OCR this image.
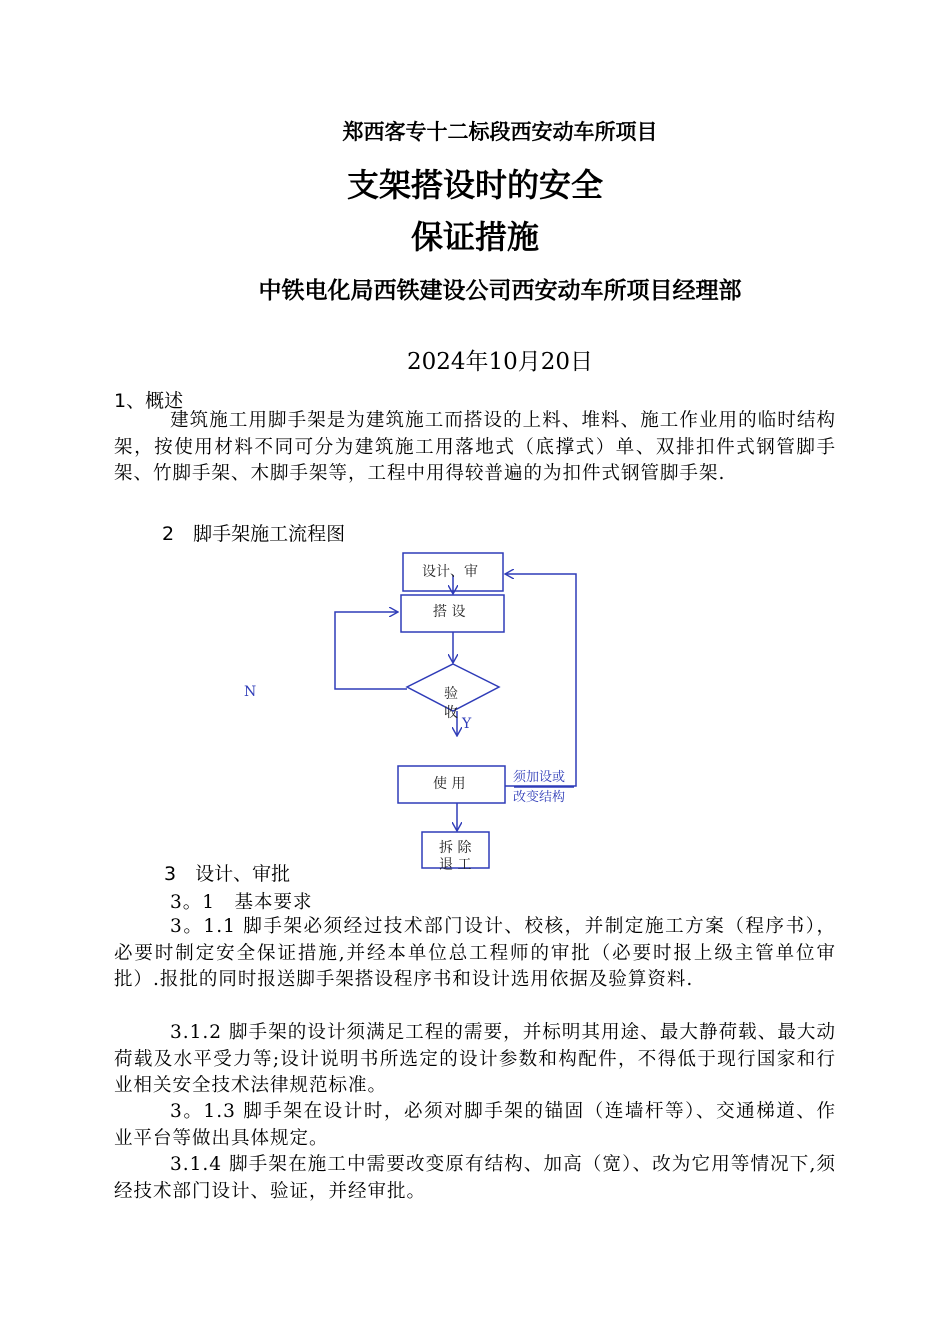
郑西客专十二标段西安动车所项目
支架搭设时的安全
保证措施
中铁电化局西铁建设公司西安动车所项目经理部
2024年10月20日
1、概述
建筑施工用脚手架是为建筑施工而搭设的上料、堆料、施工作业用的临时结构架，按使用材料不同可分为建筑施工用落地式（底撑式）单、双排扣件式钢管脚手架、竹脚手架、木脚手架等，工程中用得较普遍的为扣件式钢管脚手架.
2　脚手架施工流程图
设计、审
搭 设
验
收
使 用
拆 除
退 工
N
Y
须加设或
改变结构
3　设计、审批
3。1　基本要求
3。1.1 脚手架必须经过技术部门设计、校核，并制定施工方案（程序书），必要时制定安全保证措施,并经本单位总工程师的审批（必要时报上级主管单位审批）.报批的同时报送脚手架搭设程序书和设计选用依据及验算资料.
3.1.2 脚手架的设计须满足工程的需要，并标明其用途、最大静荷载、最大动荷载及水平受力等;设计说明书所选定的设计参数和构配件，不得低于现行国家和行业相关安全技术法律规范标准。
3。1.3 脚手架在设计时，必须对脚手架的锚固（连墙杆等）、交通梯道、作业平台等做出具体规定。
3.1.4 脚手架在施工中需要改变原有结构、加高（宽）、改为它用等情况下,须经技术部门设计、验证，并经审批。
